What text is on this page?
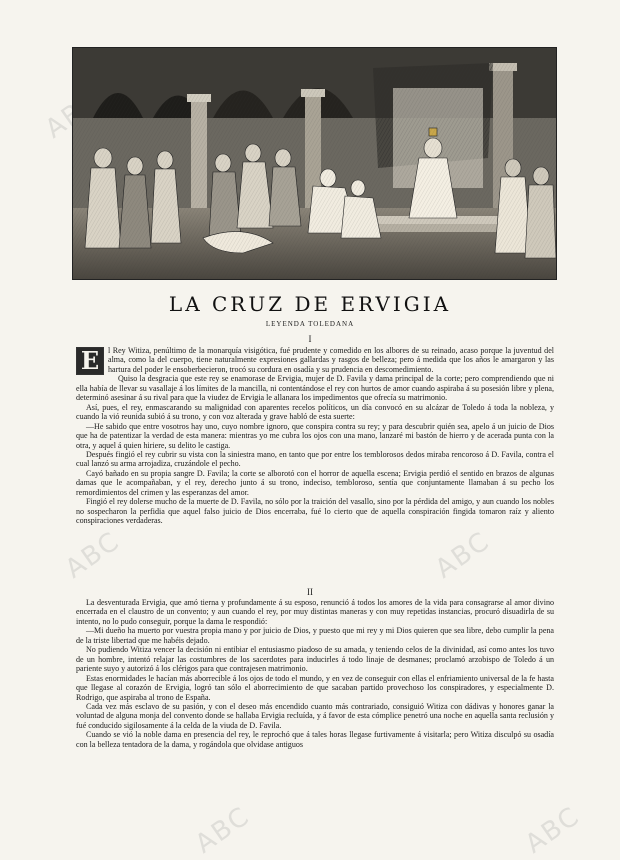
ABC
ABC	ABC
ABC	ABC
LA CRUZ DE ERVIGIA
LEYENDA TOLEDANA
I

E	l Rey Witiza, penúltimo de la monarquía visigótica, fué prudente y comedido en los albores de su reinado, acaso porque la juventud del alma, como la del cuerpo, tiene naturalmente expresiones gallardas y rasgos de belleza; pero á medida que los años le amargaron y las hartura del poder le ensoberbecieron, trocó su cordura en osadía y su prudencia en descomedimiento.

Quiso la desgracia que este rey se enamorase de Ervigia, mujer de D. Favila y dama principal de la corte; pero comprendiendo que ni ella había de llevar su vasallaje á los límites de la mancilla, ni contentándose el rey con hurtos de amor cuando aspiraba á su posesión libre y plena, determinó asesinar á su rival para que la viudez de Ervigia le allanara los impedimentos que ofrecía su matrimonio.

Así, pues, el rey, enmascarando su malignidad con aparentes recelos políticos, un día convocó en su alcázar de Toledo á toda la nobleza, y cuando la vió reunida subió á su trono, y con voz alterada y grave habló de esta suerte:

—He sabido que entre vosotros hay uno, cuyo nombre ignoro, que conspira contra su rey; y para descubrir quién sea, apelo á un juicio de Dios que ha de patentizar la verdad de esta manera: mientras yo me cubra los ojos con una mano, lanzaré mi bastón de hierro y de acerada punta con la otra, y aquel á quien hiriere, su delito le castiga.

Después fingió el rey cubrir su vista con la siniestra mano, en tanto que por entre los temblorosos dedos miraba rencoroso á D. Favila, contra el cual lanzó su arma arrojadiza, cruzándole el pecho.

Cayó bañado en su propia sangre D. Favila; la corte se alborotó con el horror de aquella escena; Ervigia perdió el sentido en brazos de algunas damas que le acompañaban, y el rey, derecho junto á su trono, indeciso, tembloroso, sentía que conjuntamente llamaban á su pecho los remordimientos del crimen y las esperanzas del amor.

Fingió el rey dolerse mucho de la muerte de D. Favila, no sólo por la traición del vasallo, sino por la pérdida del amigo, y aun cuando los nobles no sospecharon la perfidia que aquel falso juicio de Dios encerraba, fué lo cierto que de aquella conspiración fingida tomaron raíz y aliento conspiraciones verdaderas.

II

La desventurada Ervigia, que amó tierna y profundamente á su esposo, renunció á todos los amores de la vida para consagrarse al amor divino encerrada en el claustro de un convento; y aun cuando el rey, por muy distintas maneras y con muy repetidas instancias, procuró disuadirla de su intento, no lo pudo conseguir, porque la dama le respondió:

—Mi dueño ha muerto por vuestra propia mano y por juicio de Dios, y puesto que mi rey y mi Dios quieren que sea libre, debo cumplir la pena de la triste libertad que me habéis dejado.

No pudiendo Witiza vencer la decisión ni entibiar el entusiasmo piadoso de su amada, y teniendo celos de la divinidad, así como antes los tuvo de un hombre, intentó relajar las costumbres de los sacerdotes para inducirles á todo linaje de desmanes; proclamó arzobispo de Toledo á un pariente suyo y autorizó á los clérigos para que contrajesen matrimonio.

Estas enormidades le hacían más aborrecible á los ojos de todo el mundo, y en vez de conseguir con ellas el enfriamiento universal de la fe hasta que llegase al corazón de Ervigia, logró tan sólo el aborrecimiento de que sacaban partido provechoso los conspiradores, y especialmente D. Rodrigo, que aspiraba al trono de España.

Cada vez más esclavo de su pasión, y con el deseo más encendido cuanto más contrariado, consiguió Witiza con dádivas y honores ganar la voluntad de alguna monja del convento donde se hallaba Ervigia recluída, y á favor de esta cómplice penetró una noche en aquella santa reclusión y fué conducido sigilosamente á la celda de la viuda de D. Favila.

Cuando se vió la noble dama en presencia del rey, le reprochó que á tales horas llegase furtivamente á visitarla; pero Witiza disculpó su osadía con la belleza tentadora de la dama, y rogándola que olvidase antiguos
